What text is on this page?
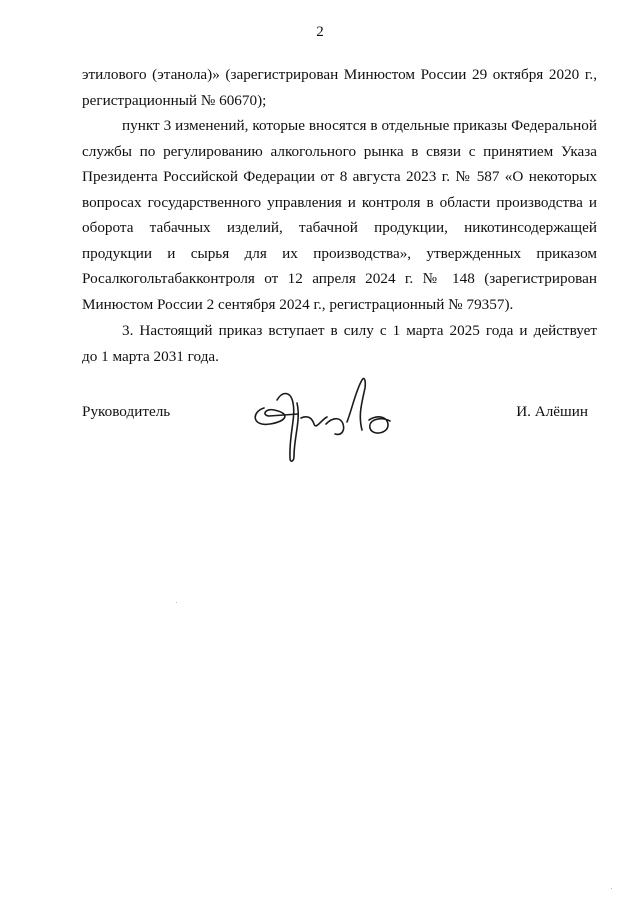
2
этилового (этанола)» (зарегистрирован Минюстом России 29 октября 2020 г.,
регистрационный № 60670);
пункт 3 изменений, которые вносятся в отдельные приказы Федеральной
службы по регулированию алкогольного рынка в связи с принятием Указа
Президента Российской Федерации от 8 августа 2023 г. № 587 «О некоторых
вопросах государственного управления и контроля в области производства и
оборота табачных изделий, табачной продукции, никотинсодержащей
продукции и сырья для их производства», утвержденных приказом
Росалкогольтабакконтроля от 12 апреля 2024 г. № 148 (зарегистрирован
Минюстом России 2 сентября 2024 г., регистрационный № 79357).
3. Настоящий приказ вступает в силу с 1 марта 2025 года и действует
до 1 марта 2031 года.
Руководитель	И. Алёшин
